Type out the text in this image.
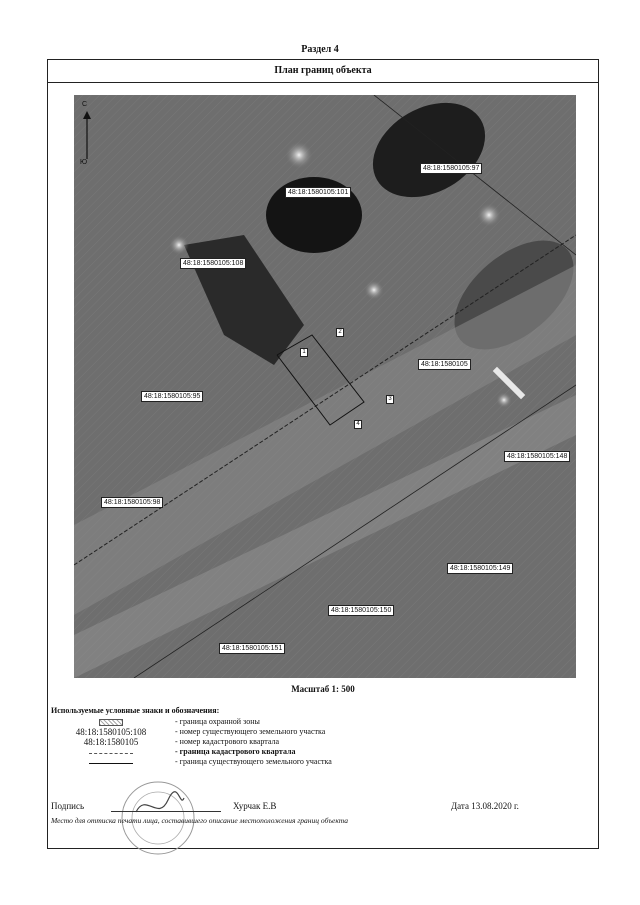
Раздел 4
План границ объекта
С
Ю
48:18:1580105:97
48:18:1580105:101
48:18:1580105:108
48:18:1580105
48:18:1580105:95
48:18:1580105:148
48:18:1580105:98
48:18:1580105:149
48:18:1580105:150
48:18:1580105:151
1
2
3
4
Масштаб 1: 500
Используемые условные знаки и обозначения:
- граница охранной зоны
48:18:1580105:108	- номер существующего земельного участка
48:18:1580105	- номер кадастрового квартала
- граница кадастрового квартала
- граница существующего земельного участка
Подпись	Хурчак Е.В	Дата 13.08.2020 г.
Место для оттиска печати лица, составившего описание местоположения границ объекта
